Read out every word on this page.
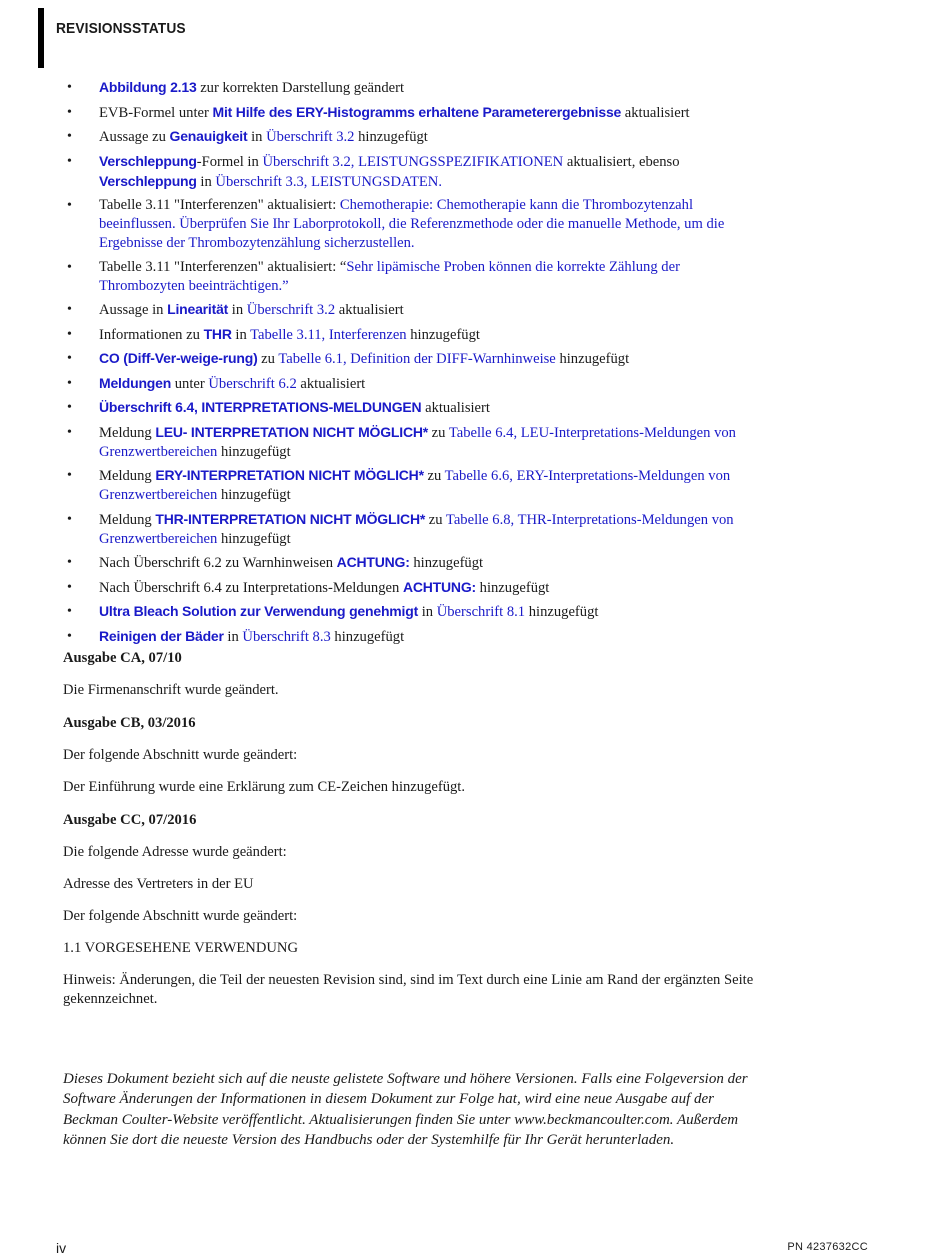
REVISIONSSTATUS
• Abbildung 2.13 zur korrekten Darstellung geändert
• EVB-Formel unter Mit Hilfe des ERY-Histogramms erhaltene Parameterergebnisse aktualisiert
• Aussage zu Genauigkeit in Überschrift 3.2 hinzugefügt
• Verschleppung-Formel in Überschrift 3.2, LEISTUNGSSPEZIFIKATIONEN aktualisiert, ebenso Verschleppung in Überschrift 3.3, LEISTUNGSDATEN.
• Tabelle 3.11 "Interferenzen" aktualisiert: Chemotherapie: Chemotherapie kann die Thrombozytenzahl beeinflussen. Überprüfen Sie Ihr Laborprotokoll, die Referenzmethode oder die manuelle Methode, um die Ergebnisse der Thrombozytenzählung sicherzustellen.
• Tabelle 3.11 "Interferenzen" aktualisiert: “Sehr lipämische Proben können die korrekte Zählung der Thrombozyten beeinträchtigen.”
• Aussage in Linearität in Überschrift 3.2 aktualisiert
• Informationen zu THR in Tabelle 3.11, Interferenzen hinzugefügt
• CO (Diff-Ver-weige-rung) zu Tabelle 6.1, Definition der DIFF-Warnhinweise hinzugefügt
• Meldungen unter Überschrift 6.2 aktualisiert
• Überschrift 6.4, INTERPRETATIONS-MELDUNGEN aktualisiert
• Meldung LEU- INTERPRETATION NICHT MÖGLICH* zu Tabelle 6.4, LEU-Interpretations-Meldungen von Grenzwertbereichen hinzugefügt
• Meldung ERY-INTERPRETATION NICHT MÖGLICH* zu Tabelle 6.6, ERY-Interpretations-Meldungen von Grenzwertbereichen hinzugefügt
• Meldung THR-INTERPRETATION NICHT MÖGLICH* zu Tabelle 6.8, THR-Interpretations-Meldungen von Grenzwertbereichen hinzugefügt
• Nach Überschrift 6.2 zu Warnhinweisen ACHTUNG: hinzugefügt
• Nach Überschrift 6.4 zu Interpretations-Meldungen ACHTUNG: hinzugefügt
• Ultra Bleach Solution zur Verwendung genehmigt in Überschrift 8.1 hinzugefügt
• Reinigen der Bäder in Überschrift 8.3 hinzugefügt

Ausgabe CA, 07/10

Die Firmenanschrift wurde geändert.

Ausgabe CB, 03/2016

Der folgende Abschnitt wurde geändert:

Der Einführung wurde eine Erklärung zum CE-Zeichen hinzugefügt.

Ausgabe CC, 07/2016

Die folgende Adresse wurde geändert:

Adresse des Vertreters in der EU

Der folgende Abschnitt wurde geändert:

1.1 VORGESEHENE VERWENDUNG

Hinweis: Änderungen, die Teil der neuesten Revision sind, sind im Text durch eine Linie am Rand der ergänzten Seite gekennzeichnet.

Dieses Dokument bezieht sich auf die neuste gelistete Software und höhere Versionen. Falls eine Folgeversion der Software Änderungen der Informationen in diesem Dokument zur Folge hat, wird eine neue Ausgabe auf der Beckman Coulter-Website veröffentlicht. Aktualisierungen finden Sie unter www.beckmancoulter.com. Außerdem können Sie dort die neueste Version des Handbuchs oder der Systemhilfe für Ihr Gerät herunterladen.
iv	PN 4237632CC
